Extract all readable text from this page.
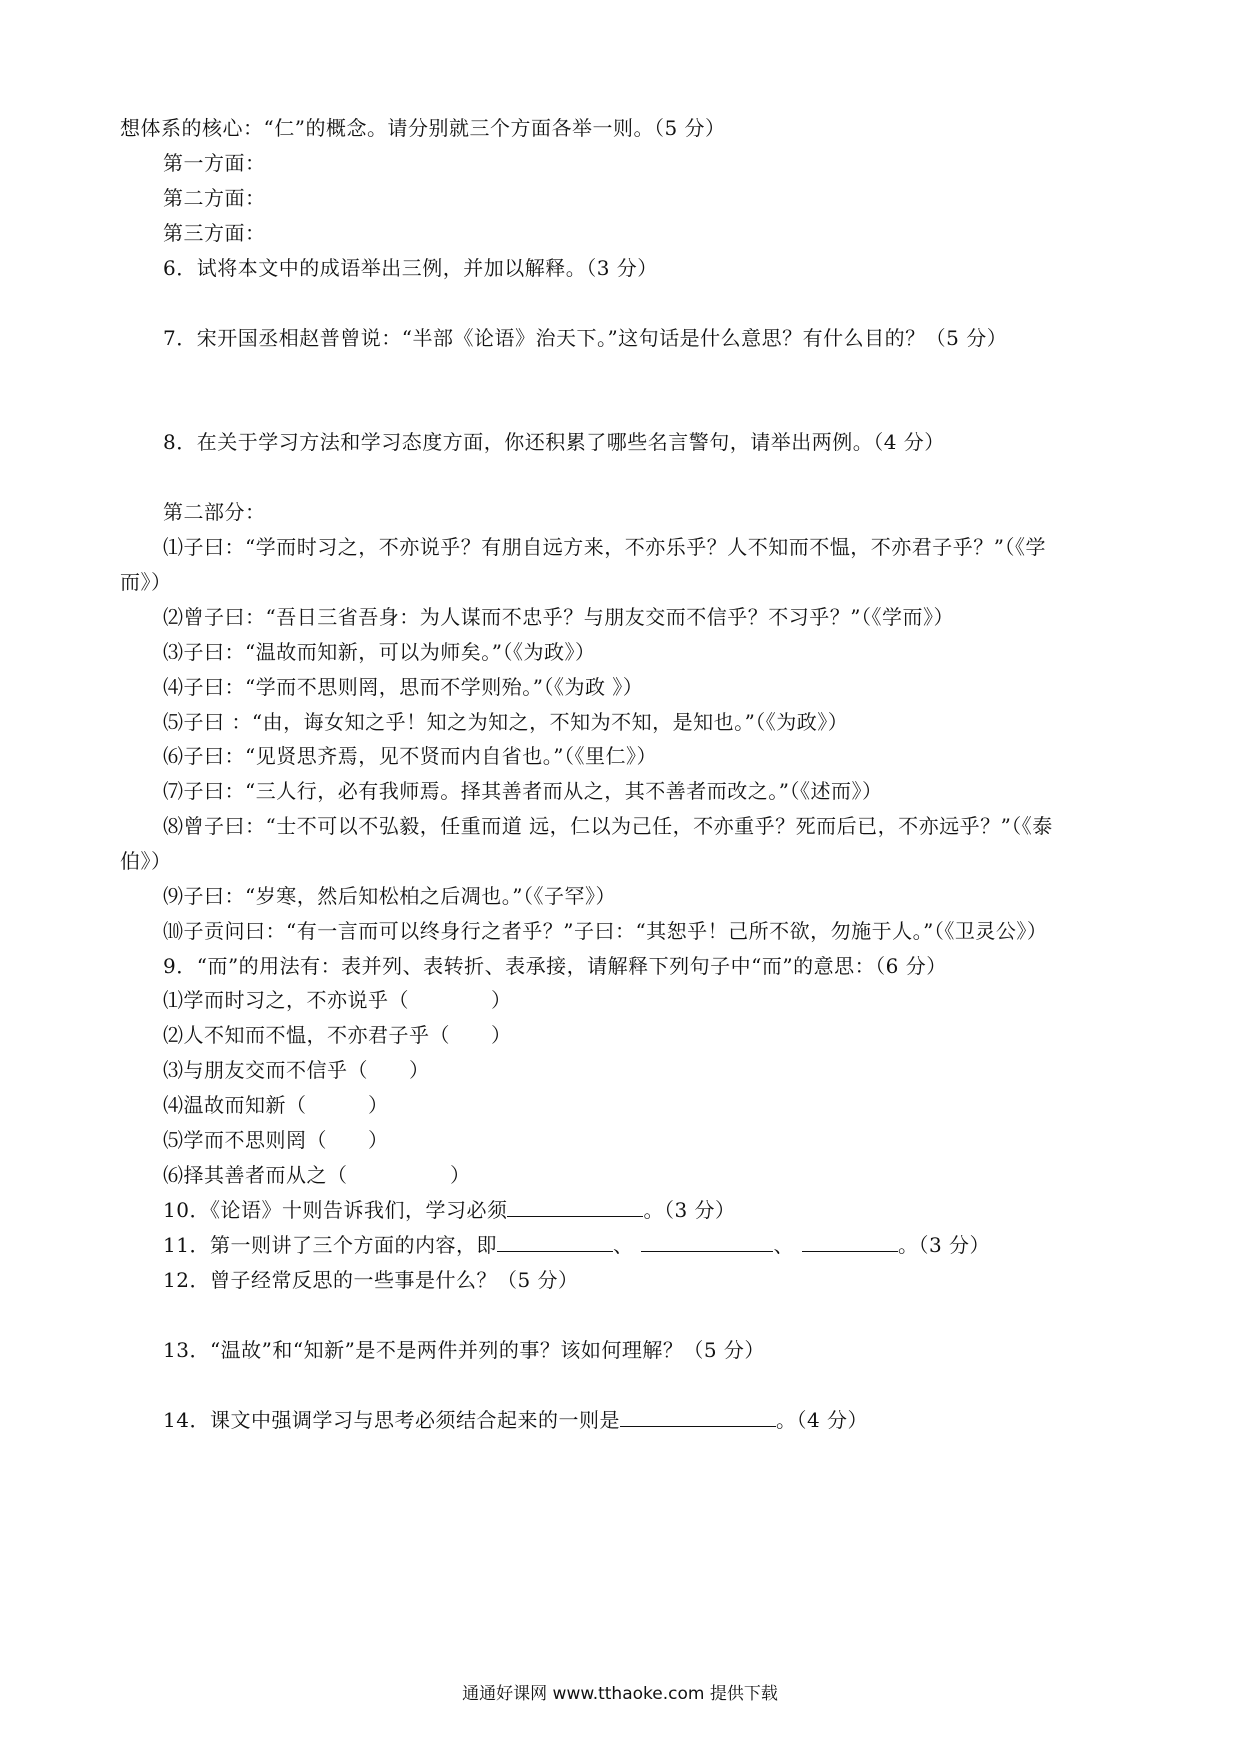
想体系的核心：“仁”的概念。请分别就三个方面各举一则。（5 分）
第一方面：
第二方面：
第三方面：
6．试将本文中的成语举出三例，并加以解释。（3 分）
7．宋开国丞相赵普曾说：“半部《论语》治天下。”这句话是什么意思？有什么目的？（5 分）
8．在关于学习方法和学习态度方面，你还积累了哪些名言警句，请举出两例。（4 分）
第二部分：
⑴子曰：“学而时习之，不亦说乎？有朋自远方来，不亦乐乎？人不知而不愠，不亦君子乎？”（《学
而》）
⑵曾子曰：“吾日三省吾身：为人谋而不忠乎？与朋友交而不信乎？不习乎？”（《学而》）
⑶子曰：“温故而知新，可以为师矣。”（《为政》）
⑷子曰：“学而不思则罔，思而不学则殆。”（《为政 》）
⑸子曰 ：“由，诲女知之乎！知之为知之，不知为不知，是知也。”（《为政》）
⑹子曰：“见贤思齐焉，见不贤而内自省也。”（《里仁》）
⑺子曰：“三人行，必有我师焉。择其善者而从之，其不善者而改之。”（《述而》）
⑻曾子曰：“士不可以不弘毅，任重而道 远，仁以为己任，不亦重乎？死而后已，不亦远乎？”（《泰
伯》）
⑼子曰：“岁寒，然后知松柏之后凋也。”（《子罕》）
⑽子贡问曰：“有一言而可以终身行之者乎？”子曰：“其恕乎！己所不欲，勿施于人。”（《卫灵公》）
9．“而”的用法有：表并列、表转折、表承接，请解释下列句子中“而”的意思：（6 分）
⑴学而时习之，不亦说乎（　　　　）
⑵人不知而不愠，不亦君子乎（　　）
⑶与朋友交而不信乎（　　）
⑷温故而知新（　　　）
⑸学而不思则罔（　　）
⑹择其善者而从之（　　　　　）
10．《论语》十则告诉我们，学习必须	。（3 分）
11．第一则讲了三个方面的内容，即	、	、	。（3 分）
12．曾子经常反思的一些事是什么？（5 分）
13．“温故”和“知新”是不是两件并列的事？该如何理解？（5 分）
14．课文中强调学习与思考必须结合起来的一则是	。（4 分）
通通好课网 www.tthaoke.com 提供下载
